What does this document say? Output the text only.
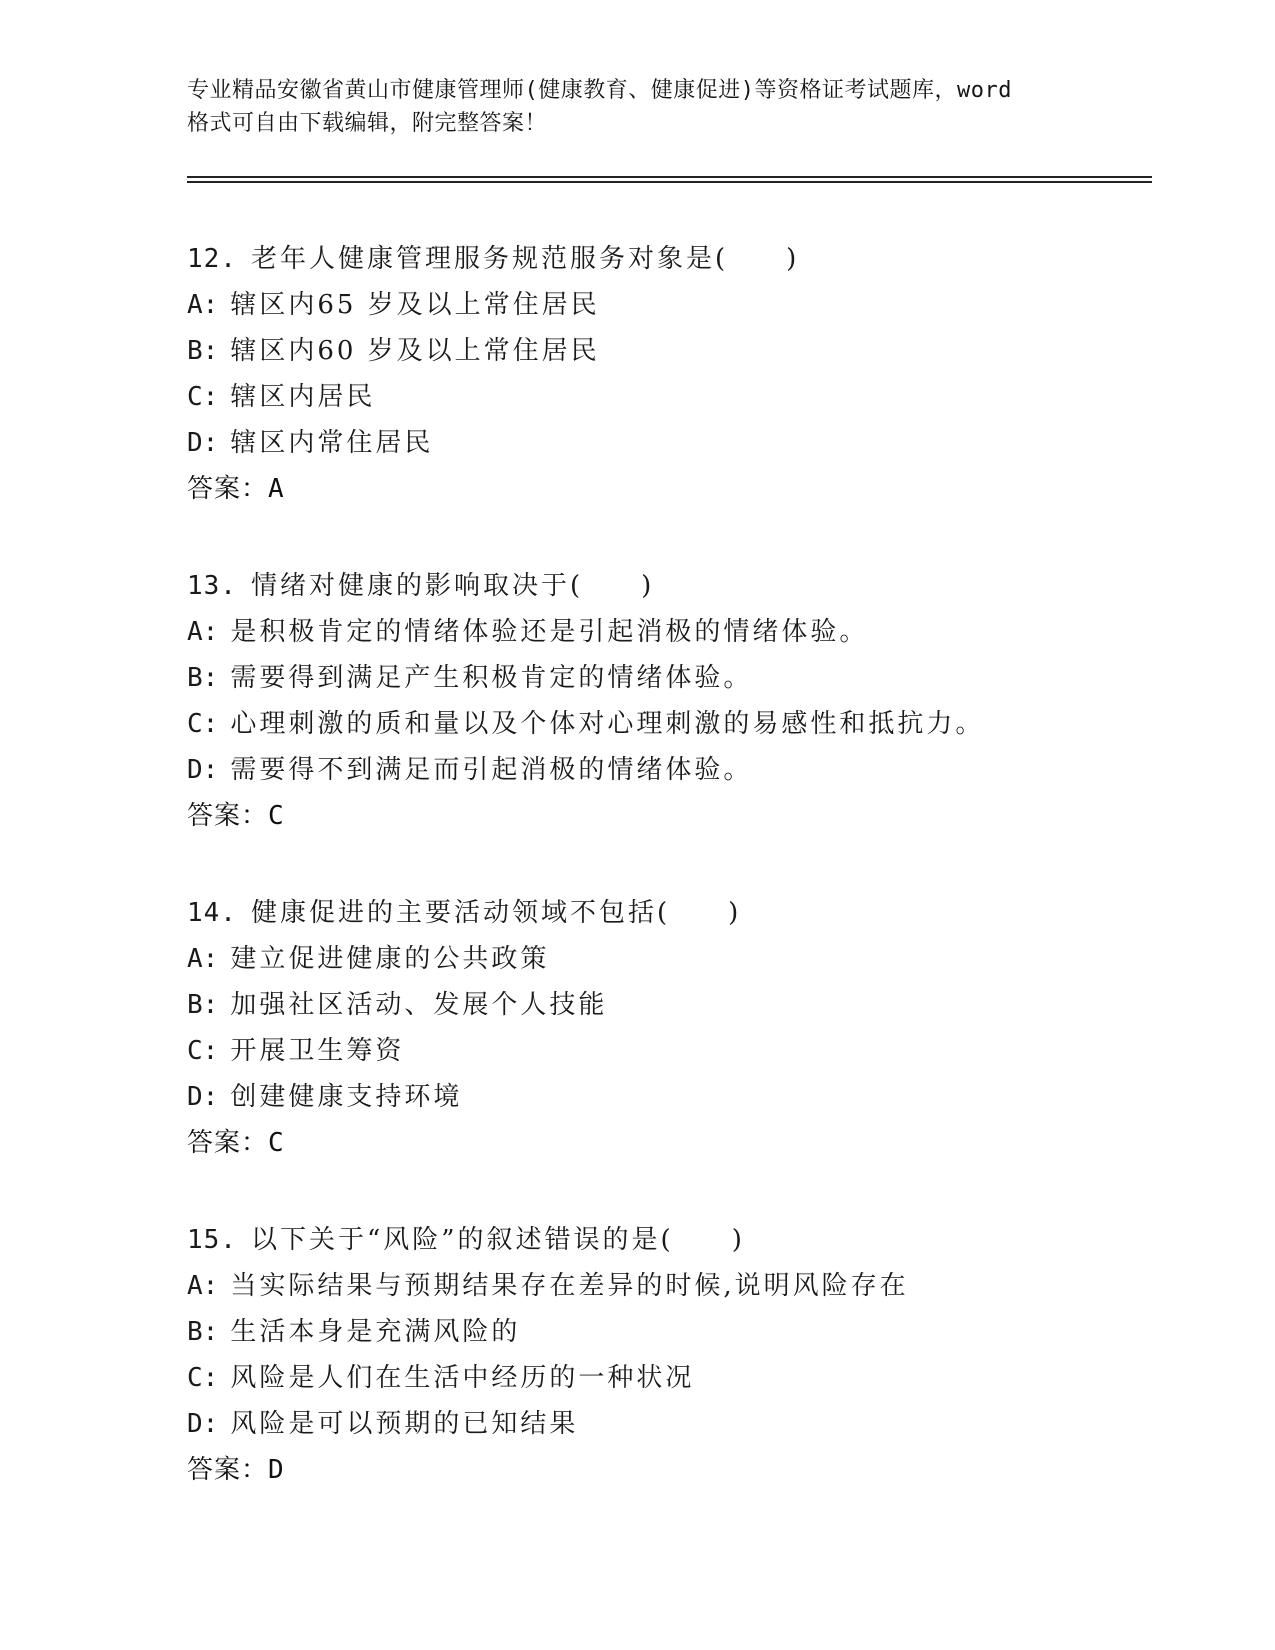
专业精品安徽省黄山市健康管理师(健康教育、健康促进)等资格证考试题库，word
格式可自由下载编辑，附完整答案！
12. 老年人健康管理服务规范服务对象是(　　)
A: 辖区内65 岁及以上常住居民
B: 辖区内60 岁及以上常住居民
C: 辖区内居民
D: 辖区内常住居民
答案：A
13. 情绪对健康的影响取决于(　　)
A: 是积极肯定的情绪体验还是引起消极的情绪体验。
B: 需要得到满足产生积极肯定的情绪体验。
C: 心理刺激的质和量以及个体对心理刺激的易感性和抵抗力。
D: 需要得不到满足而引起消极的情绪体验。
答案：C
14. 健康促进的主要活动领域不包括(　　)
A: 建立促进健康的公共政策
B: 加强社区活动、发展个人技能
C: 开展卫生筹资
D: 创建健康支持环境
答案：C
15. 以下关于“风险”的叙述错误的是(　　)
A: 当实际结果与预期结果存在差异的时候,说明风险存在
B: 生活本身是充满风险的
C: 风险是人们在生活中经历的一种状况
D: 风险是可以预期的已知结果
答案：D
